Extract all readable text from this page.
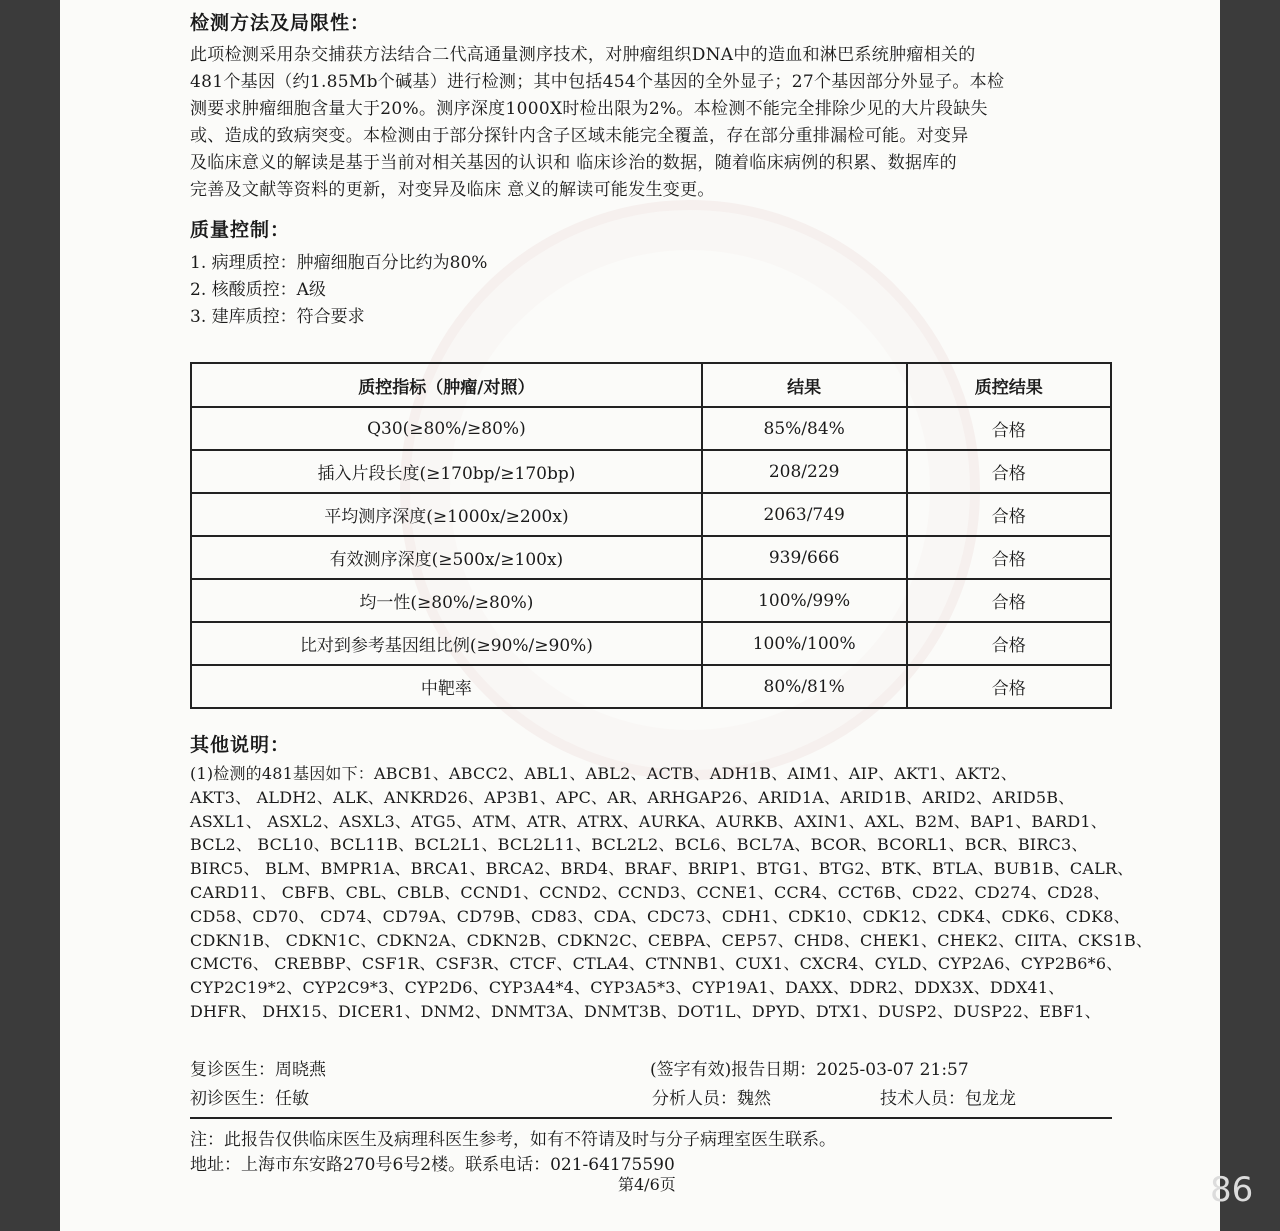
检测方法及局限性：
此项检测采用杂交捕获方法结合二代高通量测序技术，对肿瘤组织DNA中的造血和淋巴系统肿瘤相关的
481个基因（约1.85Mb个碱基）进行检测；其中包括454个基因的全外显子；27个基因部分外显子。本检
测要求肿瘤细胞含量大于20%。测序深度1000X时检出限为2%。本检测不能完全排除少见的大片段缺失
或、造成的致病突变。本检测由于部分探针内含子区域未能完全覆盖，存在部分重排漏检可能。对变异
及临床意义的解读是基于当前对相关基因的认识和 临床诊治的数据，随着临床病例的积累、数据库的
完善及文献等资料的更新，对变异及临床 意义的解读可能发生变更。
质量控制：
1. 病理质控：肿瘤细胞百分比约为80%
2. 核酸质控：A级
3. 建库质控：符合要求
质控指标（肿瘤/对照）	结果	质控结果
Q30(≥80%/≥80%)	85%/84%	合格
插入片段长度(≥170bp/≥170bp)	208/229	合格
平均测序深度(≥1000x/≥200x)	2063/749	合格
有效测序深度(≥500x/≥100x)	939/666	合格
均一性(≥80%/≥80%)	100%/99%	合格
比对到参考基因组比例(≥90%/≥90%)	100%/100%	合格
中靶率	80%/81%	合格
其他说明：
(1)检测的481基因如下：ABCB1、ABCC2、ABL1、ABL2、ACTB、ADH1B、AIM1、AIP、AKT1、AKT2、
AKT3、 ALDH2、ALK、ANKRD26、AP3B1、APC、AR、ARHGAP26、ARID1A、ARID1B、ARID2、ARID5B、
ASXL1、 ASXL2、ASXL3、ATG5、ATM、ATR、ATRX、AURKA、AURKB、AXIN1、AXL、B2M、BAP1、BARD1、
BCL2、 BCL10、BCL11B、BCL2L1、BCL2L11、BCL2L2、BCL6、BCL7A、BCOR、BCORL1、BCR、BIRC3、
BIRC5、 BLM、BMPR1A、BRCA1、BRCA2、BRD4、BRAF、BRIP1、BTG1、BTG2、BTK、BTLA、BUB1B、CALR、
CARD11、 CBFB、CBL、CBLB、CCND1、CCND2、CCND3、CCNE1、CCR4、CCT6B、CD22、CD274、CD28、
CD58、CD70、 CD74、CD79A、CD79B、CD83、CDA、CDC73、CDH1、CDK10、CDK12、CDK4、CDK6、CDK8、
CDKN1B、 CDKN1C、CDKN2A、CDKN2B、CDKN2C、CEBPA、CEP57、CHD8、CHEK1、CHEK2、CIITA、CKS1B、
CMCT6、 CREBBP、CSF1R、CSF3R、CTCF、CTLA4、CTNNB1、CUX1、CXCR4、CYLD、CYP2A6、CYP2B6*6、
CYP2C19*2、CYP2C9*3、CYP2D6、CYP3A4*4、CYP3A5*3、CYP19A1、DAXX、DDR2、DDX3X、DDX41、
DHFR、 DHX15、DICER1、DNM2、DNMT3A、DNMT3B、DOT1L、DPYD、DTX1、DUSP2、DUSP22、EBF1、
复诊医生：周晓燕
初诊医生：任敏
(签字有效)报告日期：2025-03-07 21:57
分析人员：魏然	技术人员：包龙龙
注：此报告仅供临床医生及病理科医生参考，如有不符请及时与分子病理室医生联系。
地址：上海市东安路270号6号2楼。联系电话：021-64175590
第4/6页	86
